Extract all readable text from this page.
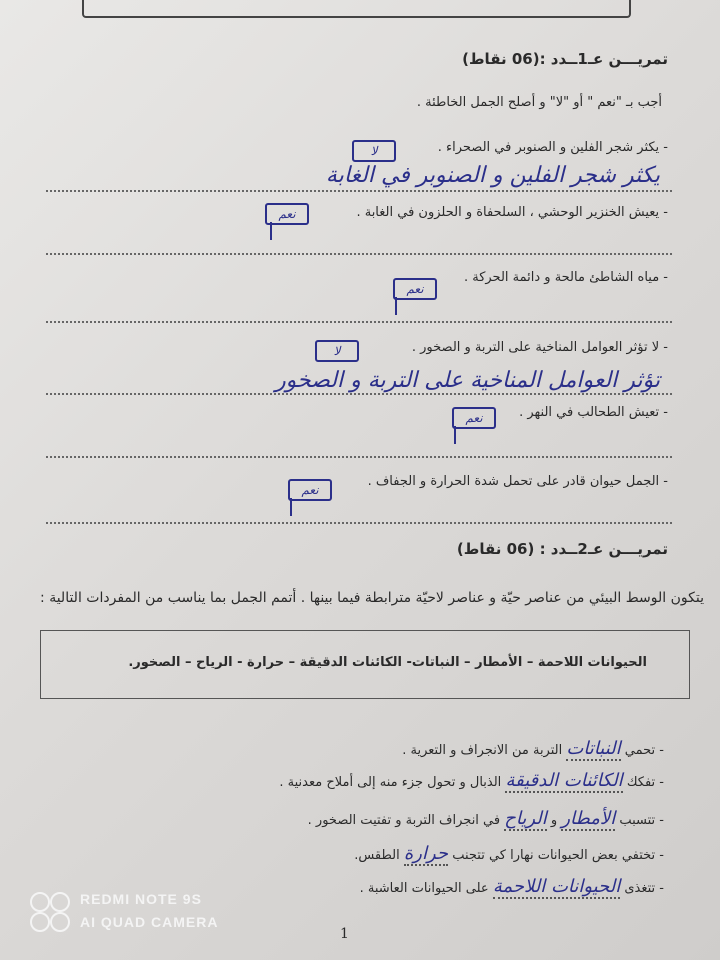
تمريـــن عـ1ــدد :(06 نقاط)
أجب بـ "نعم " أو "لا" و أصلح الجمل الخاطئة .
- يكثر شجر الفلين و الصنوبر في الصحراء .
لا
يكثر شجر الفلين و الصنوبر في الغابة
- يعيش الخنزير الوحشي ، السلحفاة و الحلزون في الغابة .
نعم
- مياه الشاطئ مالحة و دائمة الحركة .
نعم
- لا تؤثر العوامل المناخية على التربة و الصخور .
لا
تؤثر العوامل المناخية على التربة و الصخور
- تعيش الطحالب في النهر .
نعم
- الجمل حيوان قادر على تحمل شدة الحرارة و الجفاف .
نعم
تمريـــن عـ2ــدد : (06 نقاط)
يتكون الوسط البيئي من عناصر حيّة و عناصر لاحيّة مترابطة فيما بينها . أتمم الجمل بما يناسب من المفردات التالية :
الحيوانات اللاحمة – الأمطار – النباتات- الكائنات الدقيقة – حرارة - الرياح – الصخور.
- تحمي النباتات التربة من الانجراف و التعرية .
- تفكك الكائنات الدقيقة الذبال و تحول جزء منه إلى أملاح معدنية .
- تتسبب الأمطار و الرياح في انجراف التربة و تفتيت الصخور .
- تختفي بعض الحيوانات نهارا كي تتجنب حرارة الطقس.
- تتغذى الحيوانات اللاحمة على الحيوانات العاشبة .
1
REDMI NOTE 9S
AI QUAD CAMERA
